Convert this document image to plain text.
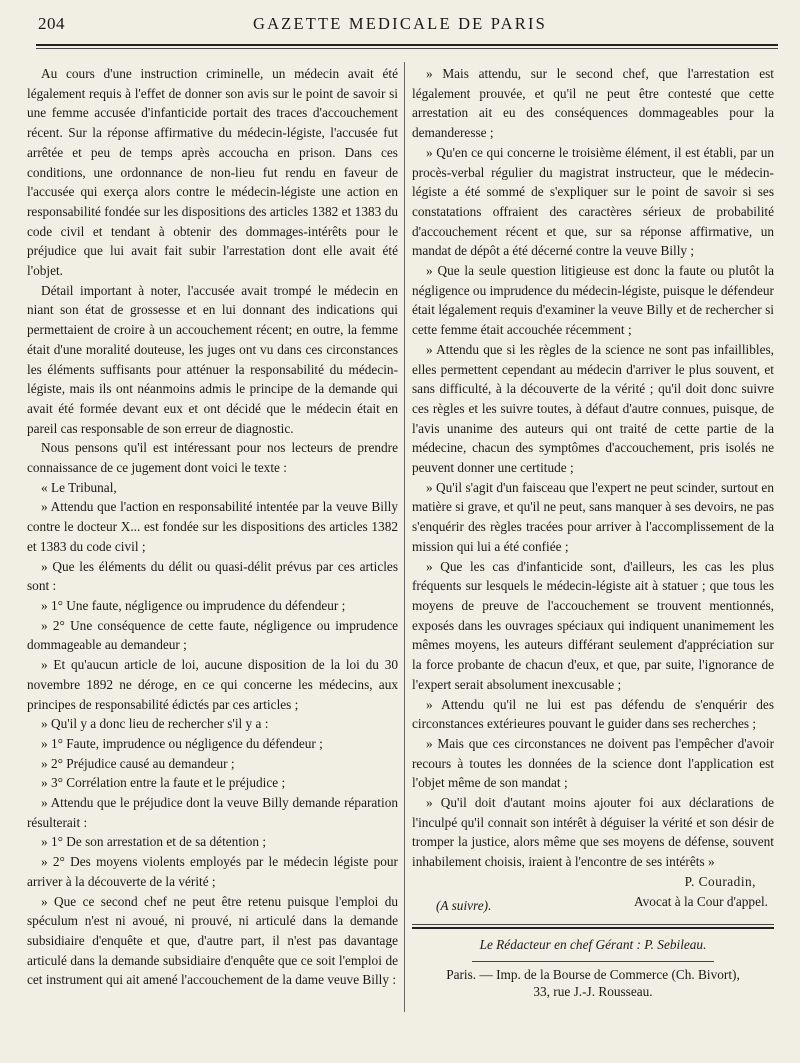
204	GAZETTE MEDICALE DE PARIS

Au cours d'une instruction criminelle, un médecin avait été légalement requis à l'effet de donner son avis sur le point de savoir si une femme accusée d'infanticide portait des traces d'accouchement récent. Sur la réponse affirmative du médecin-légiste, l'accusée fut arrêtée et peu de temps après accoucha en prison. Dans ces conditions, une ordonnance de non-lieu fut rendu en faveur de l'accusée qui exerça alors contre le médecin-légiste une action en responsabilité fondée sur les dispositions des articles 1382 et 1383 du code civil et tendant à obtenir des dommages-intérêts pour le préjudice que lui avait fait subir l'arrestation dont elle avait été l'objet.

Détail important à noter, l'accusée avait trompé le médecin en niant son état de grossesse et en lui donnant des indications qui permettaient de croire à un accouchement récent; en outre, la femme était d'une moralité douteuse, les juges ont vu dans ces circonstances les éléments suffisants pour atténuer la responsabilité du médecin-légiste, mais ils ont néanmoins admis le principe de la demande qui avait été formée devant eux et ont décidé que le médecin était en pareil cas responsable de son erreur de diagnostic.

Nous pensons qu'il est intéressant pour nos lecteurs de prendre connaissance de ce jugement dont voici le texte :

« Le Tribunal,

» Attendu que l'action en responsabilité intentée par la veuve Billy contre le docteur X... est fondée sur les dispositions des articles 1382 et 1383 du code civil ;

» Que les éléments du délit ou quasi-délit prévus par ces articles sont :

» 1° Une faute, négligence ou imprudence du défendeur ;

» 2° Une conséquence de cette faute, négligence ou imprudence dommageable au demandeur ;

» Et qu'aucun article de loi, aucune disposition de la loi du 30 novembre 1892 ne déroge, en ce qui concerne les médecins, aux principes de responsabilité édictés par ces articles ;

» Qu'il y a donc lieu de rechercher s'il y a :

» 1° Faute, imprudence ou négligence du défendeur ;

» 2° Préjudice causé au demandeur ;

» 3° Corrélation entre la faute et le préjudice ;

» Attendu que le préjudice dont la veuve Billy demande réparation résulterait :

» 1° De son arrestation et de sa détention ;

» 2° Des moyens violents employés par le médecin légiste pour arriver à la découverte de la vérité ;

» Que ce second chef ne peut être retenu puisque l'emploi du spéculum n'est ni avoué, ni prouvé, ni articulé dans la demande subsidiaire d'enquête et que, d'autre part, il n'est pas davantage articulé dans la demande subsidiaire d'enquête que ce soit l'emploi de cet instrument qui ait amené l'accouchement de la dame veuve Billy :

» Mais attendu, sur le second chef, que l'arrestation est légalement prouvée, et qu'il ne peut être contesté que cette arrestation ait eu des conséquences dommageables pour la demanderesse ;

» Qu'en ce qui concerne le troisième élément, il est établi, par un procès-verbal régulier du magistrat instructeur, que le médecin-légiste a été sommé de s'expliquer sur le point de savoir si ses constatations offraient des caractères sérieux de probabilité d'accouchement récent et que, sur sa réponse affirmative, un mandat de dépôt a été décerné contre la veuve Billy ;

» Que la seule question litigieuse est donc la faute ou plutôt la négligence ou imprudence du médecin-légiste, puisque le défendeur était légalement requis d'examiner la veuve Billy et de rechercher si cette femme était accouchée récemment ;

» Attendu que si les règles de la science ne sont pas infaillibles, elles permettent cependant au médecin d'arriver le plus souvent, et sans difficulté, à la découverte de la vérité ; qu'il doit donc suivre ces règles et les suivre toutes, à défaut d'autre connues, puisque, de l'avis unanime des auteurs qui ont traité de cette partie de la médecine, chacun des symptômes d'accouchement, pris isolés ne peuvent donner une certitude ;

» Qu'il s'agit d'un faisceau que l'expert ne peut scinder, surtout en matière si grave, et qu'il ne peut, sans manquer à ses devoirs, ne pas s'enquérir des règles tracées pour arriver à l'accomplissement de la mission qui lui a été confiée ;

» Que les cas d'infanticide sont, d'ailleurs, les cas les plus fréquents sur lesquels le médecin-légiste ait à statuer ; que tous les moyens de preuve de l'accouchement se trouvent mentionnés, exposés dans les ouvrages spéciaux qui indiquent unanimement les mêmes moyens, les auteurs différant seulement d'appréciation sur la force probante de chacun d'eux, et que, par suite, l'ignorance de l'expert serait absolument inexcusable ;

» Attendu qu'il ne lui est pas défendu de s'enquérir des circonstances extérieures pouvant le guider dans ses recherches ;

» Mais que ces circonstances ne doivent pas l'empêcher d'avoir recours à toutes les données de la science dont l'application est l'objet même de son mandat ;

» Qu'il doit d'autant moins ajouter foi aux déclarations de l'inculpé qu'il connait son intérêt à déguiser la vérité et son désir de tromper la justice, alors même que ses moyens de défense, souvent inhabilement choisis, iraient à l'encontre de ses intérêts »

P. Couradin,
(A suivre).	Avocat à la Cour d'appel.
Le Rédacteur en chef Gérant : P. Sebileau.
Paris. — Imp. de la Bourse de Commerce (Ch. Bivort),
33, rue J.-J. Rousseau.
